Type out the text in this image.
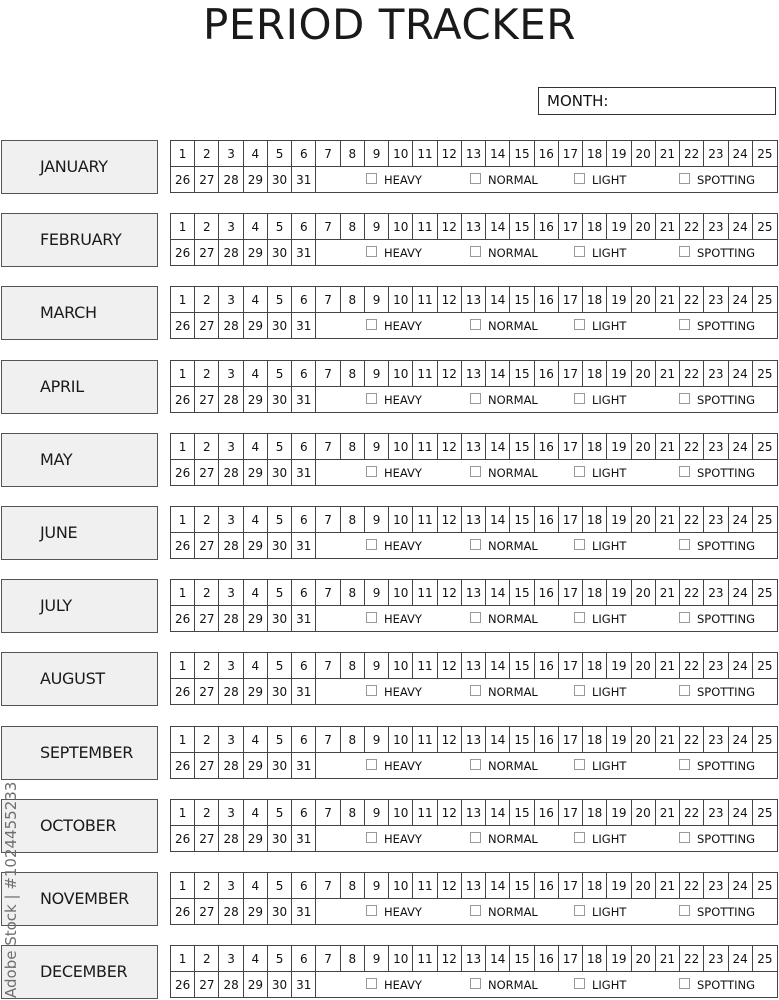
PERIOD TRACKER
MONTH:
JANUARY
1	2	3	4	5	6	7	8	9	10 11 12 13 14 15 16 17 18 19 20 21 22 23 24 25
26 27 28 29 30 31	HEAVY	NORMAL	LIGHT	SPOTTING
FEBRUARY
1	2	3	4	5	6	7	8	9	10 11 12 13 14 15 16 17 18 19 20 21 22 23 24 25
26 27 28 29 30 31	HEAVY	NORMAL	LIGHT	SPOTTING
MARCH
1	2	3	4	5	6	7	8	9	10 11 12 13 14 15 16 17 18 19 20 21 22 23 24 25
26 27 28 29 30 31	HEAVY	NORMAL	LIGHT	SPOTTING
APRIL
1	2	3	4	5	6	7	8	9	10 11 12 13 14 15 16 17 18 19 20 21 22 23 24 25
26 27 28 29 30 31	HEAVY	NORMAL	LIGHT	SPOTTING
MAY
1	2	3	4	5	6	7	8	9	10 11 12 13 14 15 16 17 18 19 20 21 22 23 24 25
26 27 28 29 30 31	HEAVY	NORMAL	LIGHT	SPOTTING
JUNE
1	2	3	4	5	6	7	8	9	10 11 12 13 14 15 16 17 18 19 20 21 22 23 24 25
26 27 28 29 30 31	HEAVY	NORMAL	LIGHT	SPOTTING
JULY
1	2	3	4	5	6	7	8	9	10 11 12 13 14 15 16 17 18 19 20 21 22 23 24 25
26 27 28 29 30 31	HEAVY	NORMAL	LIGHT	SPOTTING
AUGUST
1	2	3	4	5	6	7	8	9	10 11 12 13 14 15 16 17 18 19 20 21 22 23 24 25
26 27 28 29 30 31	HEAVY	NORMAL	LIGHT	SPOTTING
SEPTEMBER
1	2	3	4	5	6	7	8	9	10 11 12 13 14 15 16 17 18 19 20 21 22 23 24 25
26 27 28 29 30 31	HEAVY	NORMAL	LIGHT	SPOTTING
OCTOBER
1	2	3	4	5	6	7	8	9	10 11 12 13 14 15 16 17 18 19 20 21 22 23 24 25
26 27 28 29 30 31	HEAVY	NORMAL	LIGHT	SPOTTING
NOVEMBER
1	2	3	4	5	6	7	8	9	10 11 12 13 14 15 16 17 18 19 20 21 22 23 24 25
26 27 28 29 30 31	HEAVY	NORMAL	LIGHT	SPOTTING
DECEMBER
1	2	3	4	5	6	7	8	9	10 11 12 13 14 15 16 17 18 19 20 21 22 23 24 25
26 27 28 29 30 31	HEAVY	NORMAL	LIGHT	SPOTTING
Adobe Stock | #1024455233
